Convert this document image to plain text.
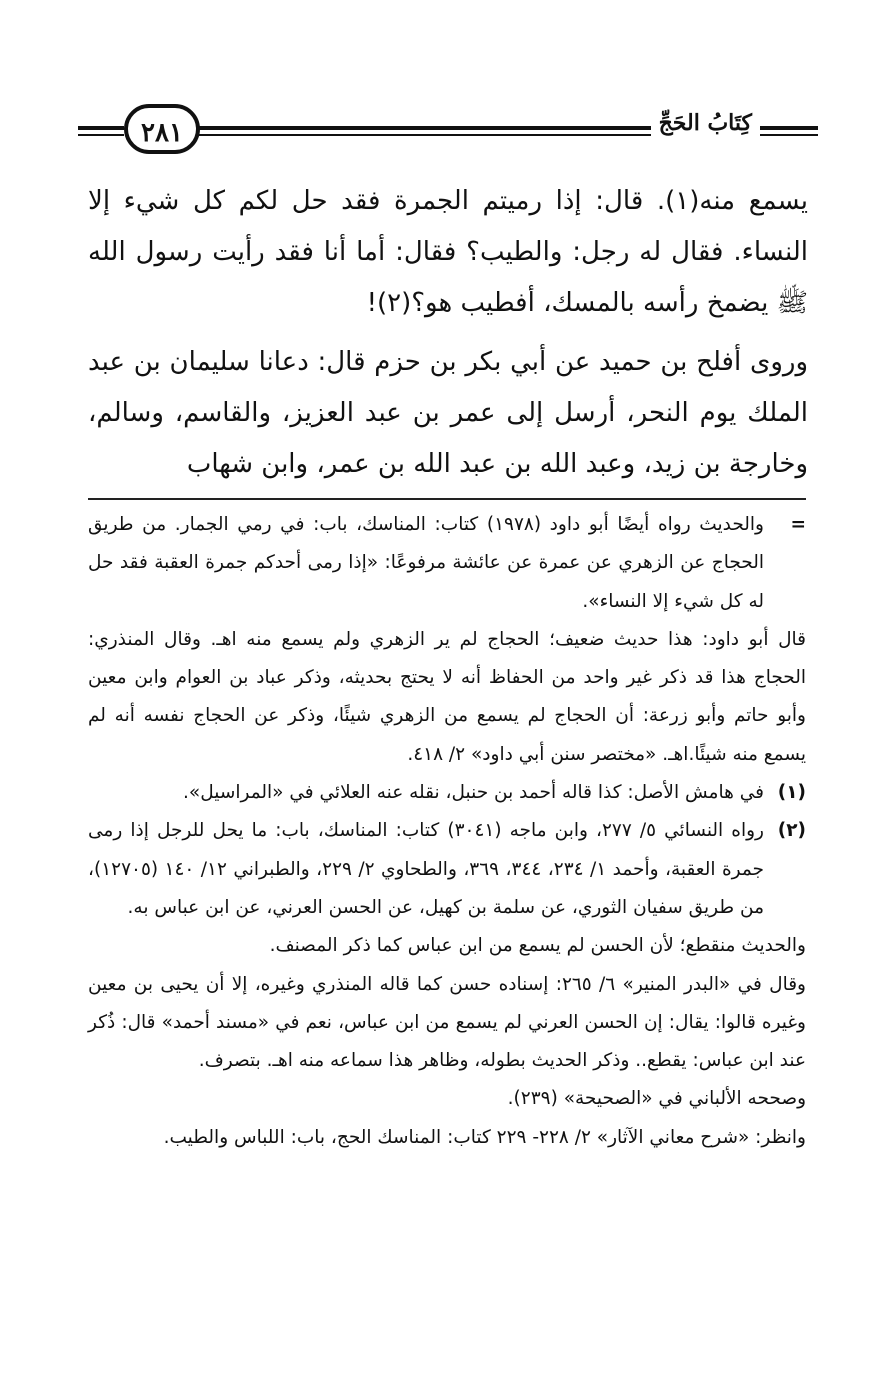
٢٨١	كِتَابُ الحَجِّ

يسمع منه(١). قال: إذا رميتم الجمرة فقد حل لكم كل شيء إلا النساء. فقال له رجل: والطيب؟ فقال: أما أنا فقد رأيت رسول الله ﷺ يضمخ رأسه بالمسك، أفطيب هو؟(٢)!

وروى أفلح بن حميد عن أبي بكر بن حزم قال: دعانا سليمان بن عبد الملك يوم النحر، أرسل إلى عمر بن عبد العزيز، والقاسم، وسالم، وخارجة بن زيد، وعبد الله بن عبد الله بن عمر، وابن شهاب

=
والحديث رواه أيضًا أبو داود (١٩٧٨) كتاب: المناسك، باب: في رمي الجمار. من طريق الحجاج عن الزهري عن عمرة عن عائشة مرفوعًا: «إذا رمى أحدكم جمرة العقبة فقد حل له كل شيء إلا النساء».

قال أبو داود: هذا حديث ضعيف؛ الحجاج لم ير الزهري ولم يسمع منه اهـ. وقال المنذري: الحجاج هذا قد ذكر غير واحد من الحفاظ أنه لا يحتج بحديثه، وذكر عباد بن العوام وابن معين وأبو حاتم وأبو زرعة: أن الحجاج لم يسمع من الزهري شيئًا، وذكر عن الحجاج نفسه أنه لم يسمع منه شيئًا.اهـ. «مختصر سنن أبي داود» ٢/ ٤١٨.

(١)
في هامش الأصل: كذا قاله أحمد بن حنبل، نقله عنه العلائي في «المراسيل».
(٢)
رواه النسائي ٥/ ٢٧٧، وابن ماجه (٣٠٤١) كتاب: المناسك، باب: ما يحل للرجل إذا رمى جمرة العقبة، وأحمد ١/ ٢٣٤، ٣٤٤، ٣٦٩، والطحاوي ٢/ ٢٢٩، والطبراني ١٢/ ١٤٠ (١٢٧٠٥)، من طريق سفيان الثوري، عن سلمة بن كهيل، عن الحسن العرني، عن ابن عباس به.

والحديث منقطع؛ لأن الحسن لم يسمع من ابن عباس كما ذكر المصنف.

وقال في «البدر المنير» ٦/ ٢٦٥: إسناده حسن كما قاله المنذري وغيره، إلا أن يحيى بن معين وغيره قالوا: يقال: إن الحسن العرني لم يسمع من ابن عباس، نعم في «مسند أحمد» قال: ذُكر عند ابن عباس: يقطع.. وذكر الحديث بطوله، وظاهر هذا سماعه منه اهـ. بتصرف.

وصححه الألباني في «الصحيحة» (٢٣٩).

وانظر: «شرح معاني الآثار» ٢/ ٢٢٨- ٢٢٩ كتاب: المناسك الحج، باب: اللباس والطيب.
